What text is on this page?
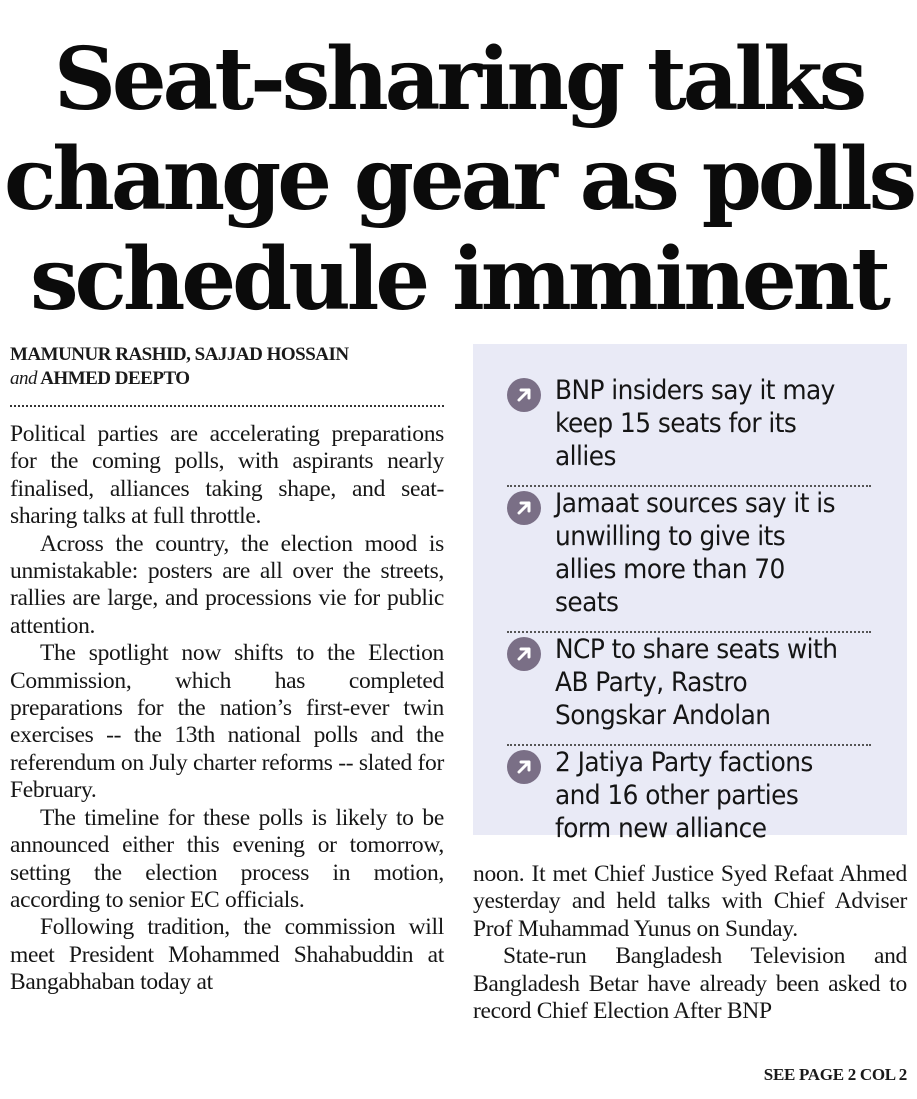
Seat-sharing talks
change gear as polls
schedule imminent
MAMUNUR RASHID, SAJJAD HOSSAIN
and AHMED DEEPTO

Political parties are accelerating preparations for the coming polls, with aspirants nearly finalised, alliances taking shape, and seat-sharing talks at full throttle.

Across the country, the election mood is unmistakable: posters are all over the streets, rallies are large, and processions vie for public attention.

The spotlight now shifts to the Election Commission, which has completed preparations for the nation’s first-ever twin exercises -- the 13th national polls and the referendum on July charter reforms -- slated for February.

The timeline for these polls is likely to be announced either this evening or tomorrow, setting the election process in motion, according to senior EC officials.

Following tradition, the commission will meet President Mohammed Shahabuddin at Bangabhaban today at

BNP insiders say it may keep 15 seats for its allies
Jamaat sources say it is unwilling to give its allies more than 70 seats
NCP to share seats with AB Party, Rastro Songskar Andolan
2 Jatiya Party factions and 16 other parties form new alliance

noon. It met Chief Justice Syed Refaat Ahmed yesterday and held talks with Chief Adviser Prof Muhammad Yunus on Sunday.

State-run Bangladesh Television and Bangladesh Betar have already been asked to record Chief Election After BNP

SEE PAGE 2 COL 2
